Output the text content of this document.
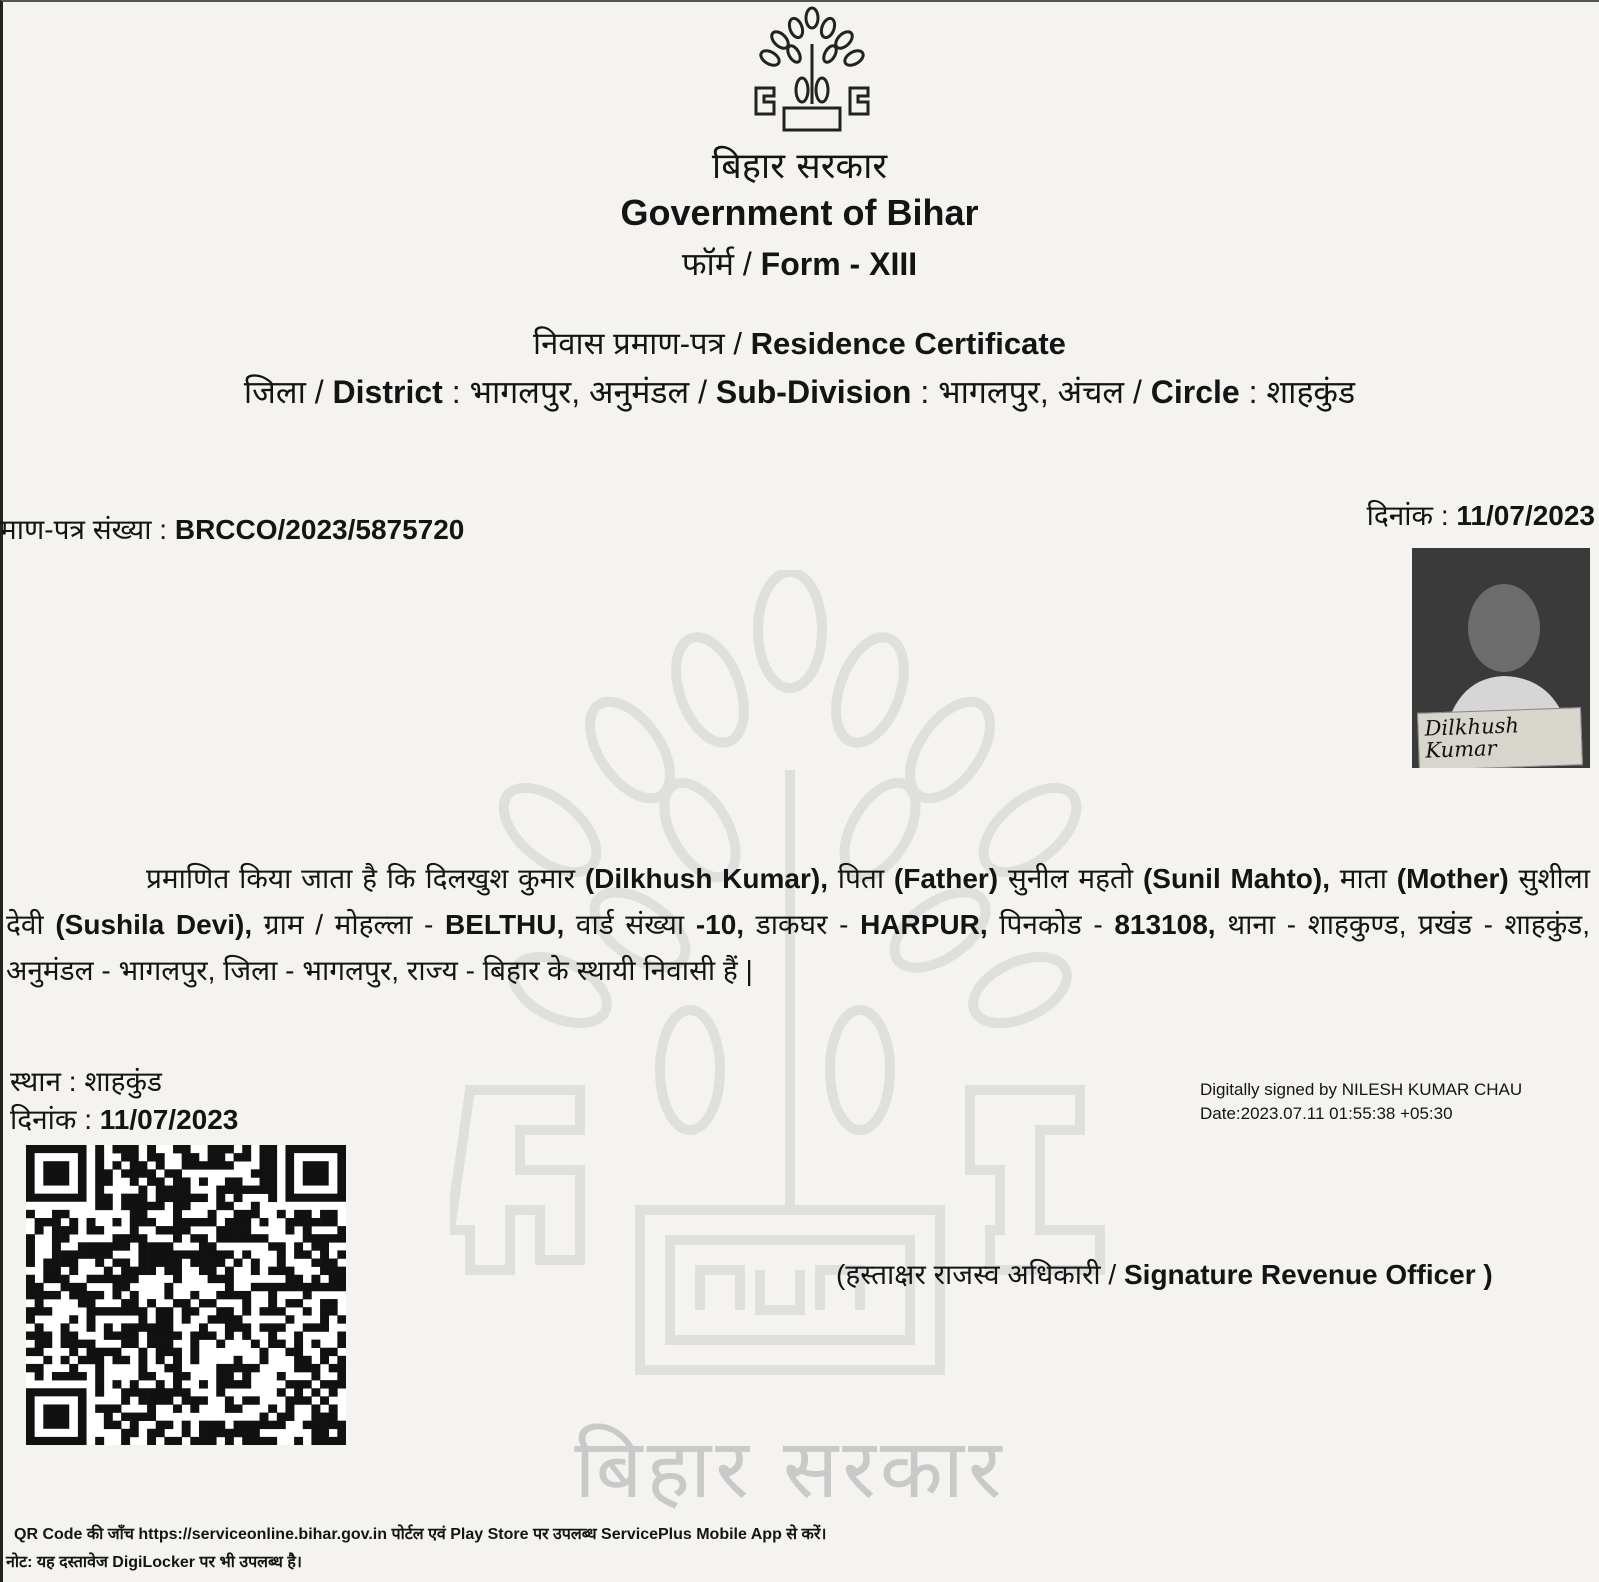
बिहार सरकार
बिहार सरकार
Government of Bihar
फॉर्म / Form - XIII
निवास प्रमाण-पत्र / Residence Certificate
जिला / District : भागलपुर, अनुमंडल / Sub-Division : भागलपुर, अंचल / Circle : शाहकुंड
माण-पत्र संख्या : BRCCO/2023/5875720	दिनांक : 11/07/2023
Dilkhush
Kumar
प्रमाणित किया जाता है कि दिलखुश कुमार (Dilkhush Kumar), पिता (Father) सुनील महतो (Sunil Mahto), माता (Mother) सुशीला देवी (Sushila Devi), ग्राम / मोहल्ला - BELTHU, वार्ड संख्या -10, डाकघर - HARPUR, पिनकोड - 813108, थाना - शाहकुण्ड, प्रखंड - शाहकुंड, अनुमंडल - भागलपुर, जिला - भागलपुर, राज्य - बिहार के स्थायी निवासी हैं |
स्थान : शाहकुंड
दिनांक : 11/07/2023
Digitally signed by NILESH KUMAR CHAU
Date:2023.07.11 01:55:38 +05:30
(हस्ताक्षर राजस्व अधिकारी / Signature Revenue Officer )
QR Code की जाँच https://serviceonline.bihar.gov.in पोर्टल एवं Play Store पर उपलब्ध ServicePlus Mobile App से करें।
नोट: यह दस्तावेज DigiLocker पर भी उपलब्ध है।
